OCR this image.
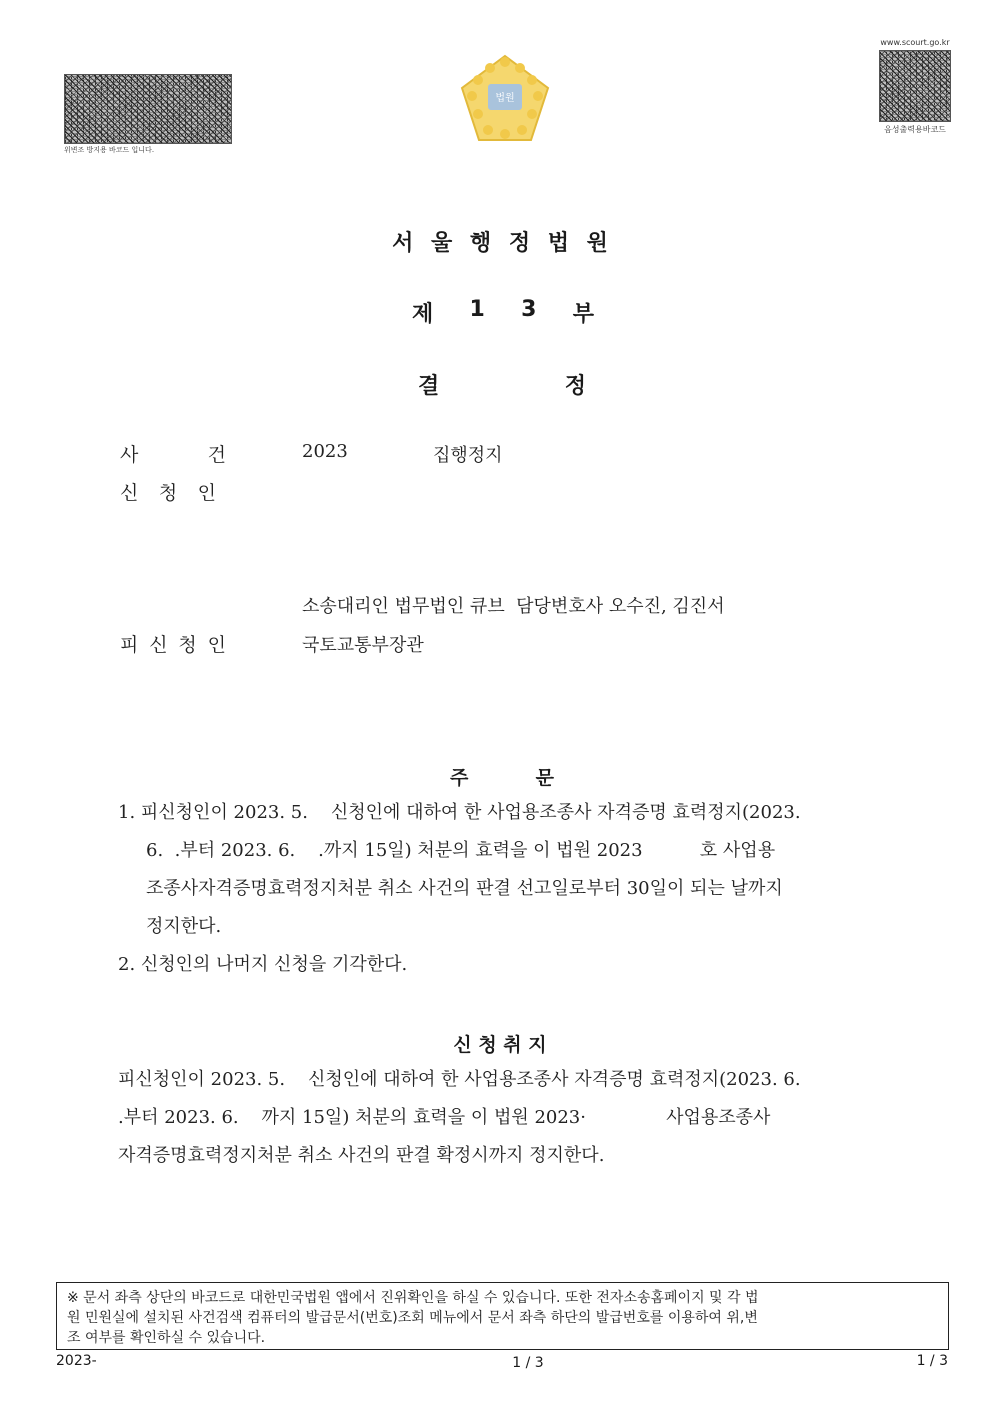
위변조 방지용 바코드 입니다.
법원
www.scourt.go.kr
음성출력용바코드
서 울 행 정 법 원
제 1 3 부
결	정
사	건	2023	집행정지
신 청 인
소송대리인 법무법인 큐브  담당변호사 오수진, 김진서
피 신 청 인	국토교통부장관
주	문
1. 피신청인이 2023. 5.    신청인에 대하여 한 사업용조종사 자격증명 효력정지(2023.
6.  .부터 2023. 6.    .까지 15일) 처분의 효력을 이 법원 2023          호 사업용
조종사자격증명효력정지처분 취소 사건의 판결 선고일로부터 30일이 되는 날까지
정지한다.
2. 신청인의 나머지 신청을 기각한다.
신 청 취 지
피신청인이 2023. 5.    신청인에 대하여 한 사업용조종사 자격증명 효력정지(2023. 6.
.부터 2023. 6.    까지 15일) 처분의 효력을 이 법원 2023·              사업용조종사
자격증명효력정지처분 취소 사건의 판결 확정시까지 정지한다.
※ 문서 좌측 상단의 바코드로 대한민국법원 앱에서 진위확인을 하실 수 있습니다. 또한 전자소송홈페이지 및 각 법
원 민원실에 설치된 사건검색 컴퓨터의 발급문서(번호)조회 메뉴에서 문서 좌측 하단의 발급번호를 이용하여 위,변
조 여부를 확인하실 수 있습니다.
2023-	1 / 3	1 / 3
